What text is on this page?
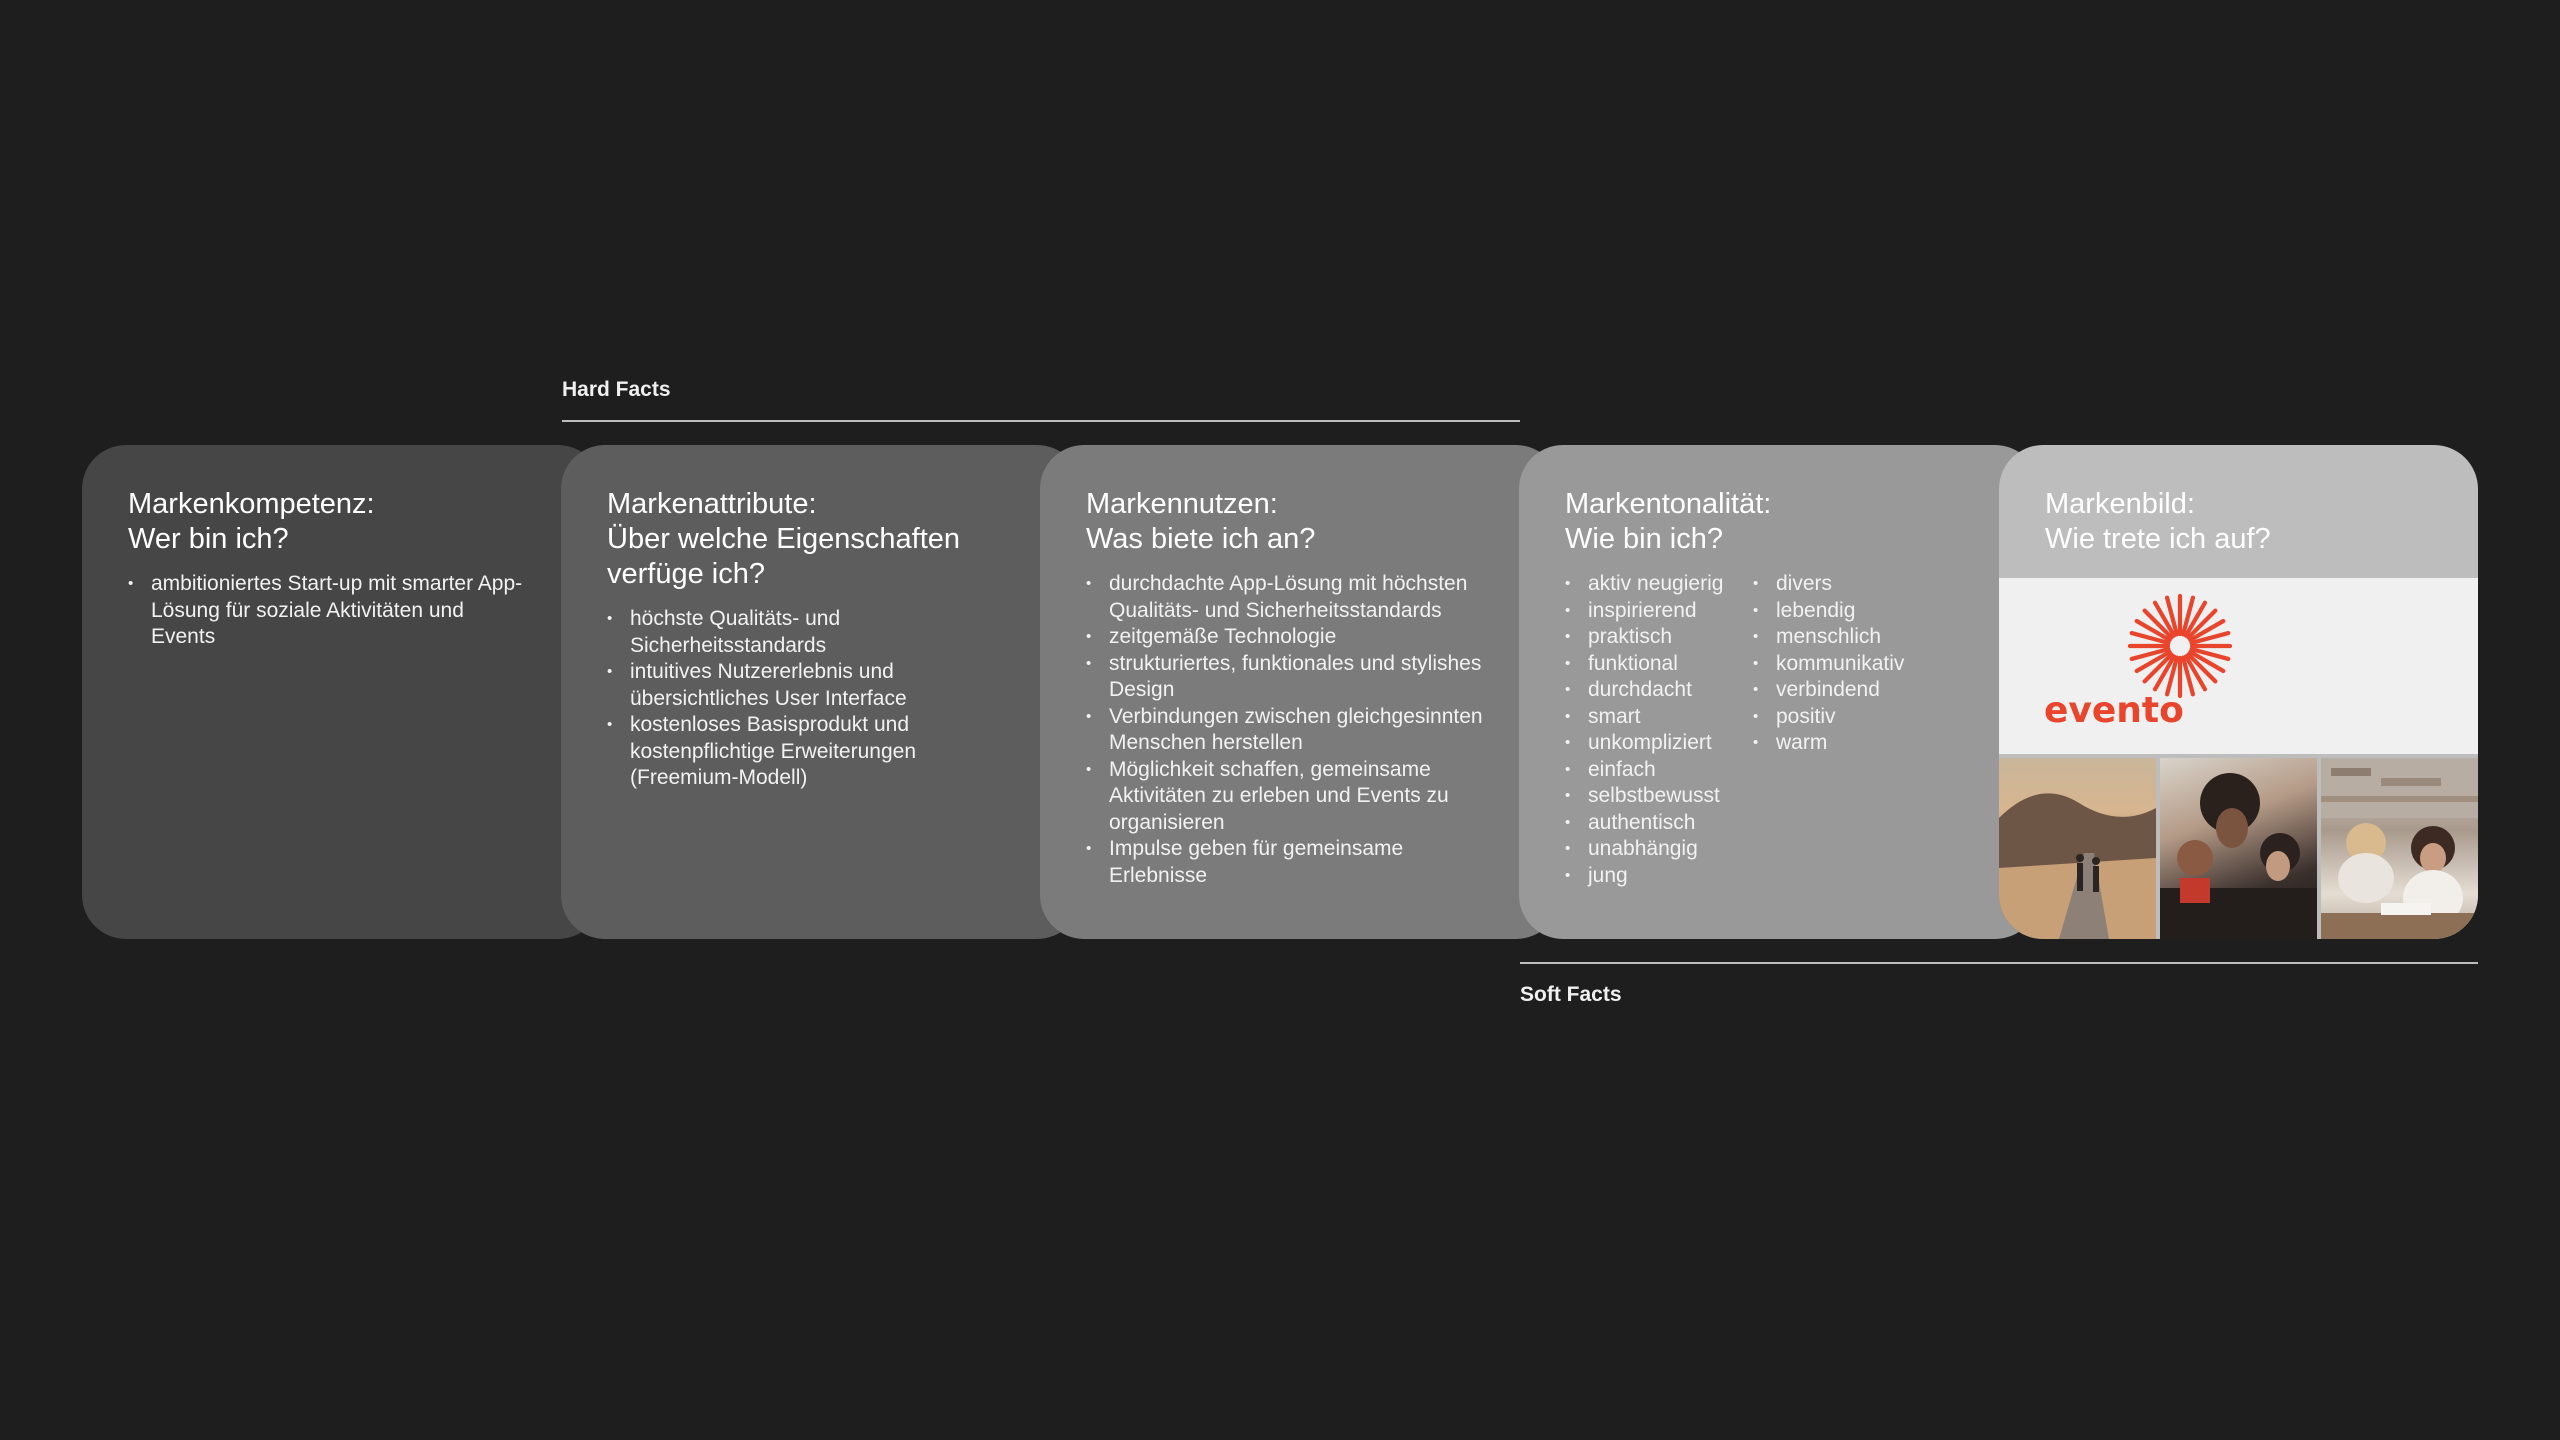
Hard Facts
Markenkompetenz:
Wer bin ich?
• ambitioniertes Start-up mit smarter App-Lösung für soziale Aktivitäten und Events
Markenattribute:
Über welche Eigenschaften verfüge ich?
• höchste Qualitäts- und Sicherheitsstandards
• intuitives Nutzererlebnis und übersichtliches User Interface
• kostenloses Basisprodukt und kostenpflichtige Erweiterungen (Freemium-Modell)
Markennutzen:
Was biete ich an?
• durchdachte App-Lösung mit höchsten Qualitäts- und Sicherheitsstandards
• zeitgemäße Technologie
• strukturiertes, funktionales und stylishes Design
• Verbindungen zwischen gleichgesinnten Menschen herstellen
• Möglichkeit schaffen, gemeinsame Aktivitäten zu erleben und Events zu organisieren
• Impulse geben für gemeinsame Erlebnisse
Markentonalität:
Wie bin ich?
• aktiv neugierig
• inspirierend
• praktisch
• funktional
• durchdacht
• smart
• unkompliziert
• einfach
• selbstbewusst
• authentisch
• unabhängig
• jung
• divers
• lebendig
• menschlich
• kommunikativ
• verbindend
• positiv
• warm
Markenbild:
Wie trete ich auf?
evento
Soft Facts
